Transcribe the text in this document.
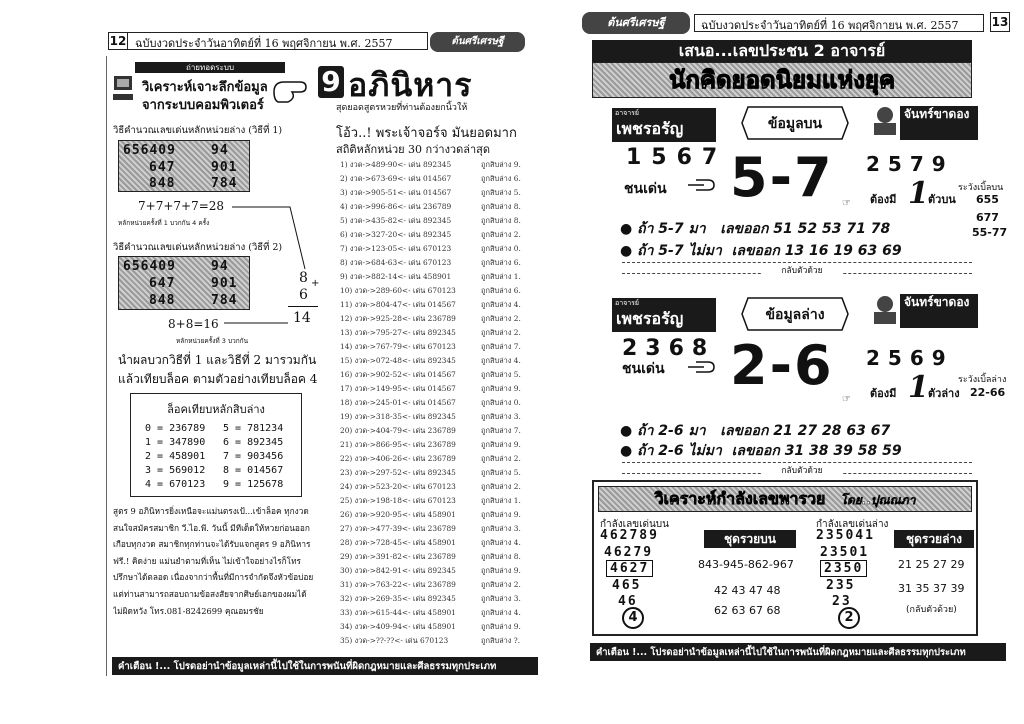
12 ฉบับงวดประจำวันอาทิตย์ที่ 16 พฤศจิกายน พ.ศ. 2557	ต้นศรีเศรษฐี
ถ่ายทอดระบบ
วิเคราะห์เจาะลึกข้อมูล
จากระบบคอมพิวเตอร์
9 อภินิหาร
สุดยอดสูตรหวยที่ท่านต้องยกนิ้วให้
วิธีคำนวณเลขเด่นหลักหน่วยล่าง (วิธีที่ 1)
656409	94
647	901
848	784
7+7+7+7=28
หลักหน่วยครั้งที่ 1 บวกกัน 4 ครั้ง
วิธีคำนวณเลขเด่นหลักหน่วยล่าง (วิธีที่ 2)
656409	94
647	901
848	784
8
6
+
14
8+8=16
หลักหน่วยครั้งที่ 3 บวกกัน
นำผลบวกวิธีที่ 1 และวิธีที่ 2 มารวมกัน
แล้วเทียบล็อค ตามตัวอย่างเทียบล็อค 4
ล็อคเทียบหลักสิบล่าง
0 = 236789
1 = 347890
2 = 458901
3 = 569012
4 = 670123
5 = 781234
6 = 892345
7 = 903456
8 = 014567
9 = 125678
สูตร 9 อภินิหารยิ่งเหนือจะแม่นตรงเป้...เข้าล็อค ทุกงวด
สนใจสมัครสมาชิก วี.ไอ.พี. วันนี้ มีทีเด็ดให้หวยก่อนออก
เกือบทุกงวด สมาชิกทุกท่านจะได้รับแจกสูตร 9 อภินิหาร
ฟรี.! คิดง่าย แม่นยำตามที่เห็น ไม่เข้าใจอย่างไรก็โทร
ปรึกษาได้ตลอด เนื่องจากว่าพื้นที่มีการจำกัดจึงหัวข้อบ่อย
แต่ท่านสามารถสอบถามข้อสงสัยจากศิษย์เอกของผมได้
ไม่ผิดหวัง โทร.081-8242699 คุณอมรชัย
โอ้ว..! พระเจ้าจอร์จ มันยอดมาก
สถิติหลักหน่วย 30 กว่างวดล่าสุด
1) งวด->489-90<- เด่น 892345	ถูกสิบล่าง 9.
2) งวด->673-69<- เด่น 014567	ถูกสิบล่าง 6.
3) งวด->905-51<- เด่น 014567	ถูกสิบล่าง 5.
4) งวด->996-86<- เด่น 236789	ถูกสิบล่าง 8.
5) งวด->435-82<- เด่น 892345	ถูกสิบล่าง 8.
6) งวด->327-20<- เด่น 892345	ถูกสิบล่าง 2.
7) งวด->123-05<- เด่น 670123	ถูกสิบล่าง 0.
8) งวด->684-63<- เด่น 670123	ถูกสิบล่าง 6.
9) งวด->882-14<- เด่น 458901	ถูกสิบล่าง 1.
10) งวด->289-60<- เด่น 670123	ถูกสิบล่าง 6.
11) งวด->804-47<- เด่น 014567	ถูกสิบล่าง 4.
12) งวด->925-28<- เด่น 236789	ถูกสิบล่าง 2.
13) งวด->795-27<- เด่น 892345	ถูกสิบล่าง 2.
14) งวด->767-79<- เด่น 670123	ถูกสิบล่าง 7.
15) งวด->072-48<- เด่น 892345	ถูกสิบล่าง 4.
16) งวด->902-52<- เด่น 014567	ถูกสิบล่าง 5.
17) งวด->149-95<- เด่น 014567	ถูกสิบล่าง 9.
18) งวด->245-01<- เด่น 014567	ถูกสิบล่าง 0.
19) งวด->318-35<- เด่น 892345	ถูกสิบล่าง 3.
20) งวด->404-79<- เด่น 236789	ถูกสิบล่าง 7.
21) งวด->866-95<- เด่น 236789	ถูกสิบล่าง 9.
22) งวด->406-26<- เด่น 236789	ถูกสิบล่าง 2.
23) งวด->297-52<- เด่น 892345	ถูกสิบล่าง 5.
24) งวด->523-20<- เด่น 670123	ถูกสิบล่าง 2.
25) งวด->198-18<- เด่น 670123	ถูกสิบล่าง 1.
26) งวด->920-95<- เด่น 458901	ถูกสิบล่าง 9.
27) งวด->477-39<- เด่น 236789	ถูกสิบล่าง 3.
28) งวด->728-45<- เด่น 458901	ถูกสิบล่าง 4.
29) งวด->391-82<- เด่น 236789	ถูกสิบล่าง 8.
30) งวด->842-91<- เด่น 892345	ถูกสิบล่าง 9.
31) งวด->763-22<- เด่น 236789	ถูกสิบล่าง 2.
32) งวด->269-35<- เด่น 892345	ถูกสิบล่าง 3.
33) งวด->615-44<- เด่น 458901	ถูกสิบล่าง 4.
34) งวด->409-94<- เด่น 458901	ถูกสิบล่าง 9.
35) งวด->??-??<- เด่น 670123	ถูกสิบล่าง ?.
คำเตือน !... โปรดอย่านำข้อมูลเหล่านี้ไปใช้ในการพนันที่ผิดกฎหมายและศีลธรรมทุกประเภท
ต้นศรีเศรษฐี	ฉบับงวดประจำวันอาทิตย์ที่ 16 พฤศจิกายน พ.ศ. 2557	13
เสนอ...เลขประชน 2 อาจารย์
นักคิดยอดนิยมแห่งยุค
อาจารย์
เพชรอรัญ	ข้อมูลบน
จันทร์ขาดอง
1567
ชนเด่น 5-7 2579
ต้องมี 1 ตัวบน
ระวังเบิ้ลบน
655
677
55-77
☞
● ถ้า 5-7 มา เลขออก 51 52 53 71 78
● ถ้า 5-7 ไม่มา เลขออก 13 16 19 63 69
กลับตัวด้วย
อาจารย์
เพชรอรัญ	ข้อมูลล่าง
จันทร์ขาดอง
2368
ชนเด่น 2-6 2569
ต้องมี 1 ตัวล่าง
ระวังเบิ้ลล่าง
22-66
☞
● ถ้า 2-6 มา เลขออก 21 27 28 63 67
● ถ้า 2-6 ไม่มา เลขออก 31 38 39 58 59
กลับตัวด้วย
วิเคราะห์กำลังเลขพารวย โดย..ปุณณภา
กำลังเลขเด่นบน
462789
46279
4627
465
46
4
ชุดรวยบน
843-945-862-967
42 43 47 48
62 63 67 68
กำลังเลขเด่นล่าง
235041
23501
2350
235
23
2
ชุดรวยล่าง
21 25 27 29
31 35 37 39
(กลับตัวด้วย)
คำเตือน !... โปรดอย่านำข้อมูลเหล่านี้ไปใช้ในการพนันที่ผิดกฎหมายและศีลธรรมทุกประเภท
